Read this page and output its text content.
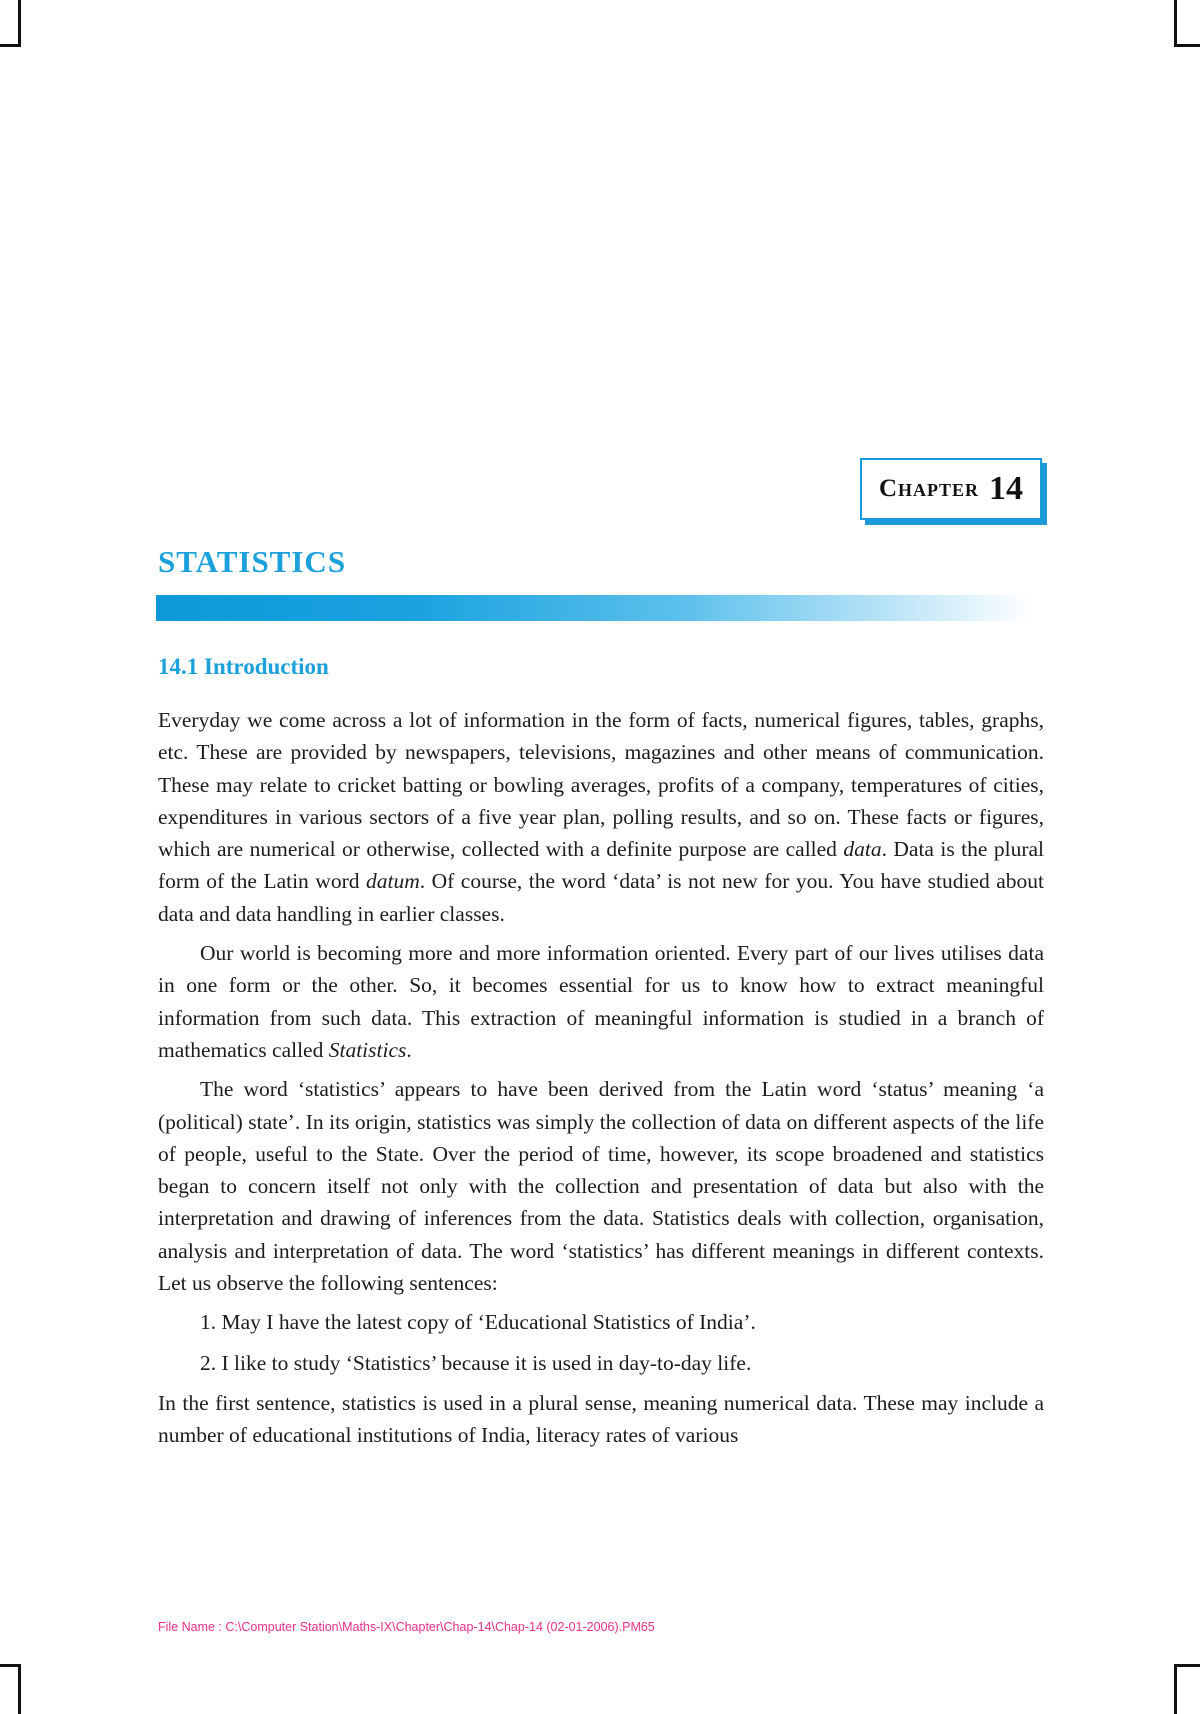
Chapter 14
STATISTICS
14.1 Introduction

Everyday we come across a lot of information in the form of facts, numerical figures, tables, graphs, etc. These are provided by newspapers, televisions, magazines and other means of communication. These may relate to cricket batting or bowling averages, profits of a company, temperatures of cities, expenditures in various sectors of a five year plan, polling results, and so on. These facts or figures, which are numerical or otherwise, collected with a definite purpose are called data. Data is the plural form of the Latin word datum. Of course, the word ‘data’ is not new for you. You have studied about data and data handling in earlier classes.

Our world is becoming more and more information oriented. Every part of our lives utilises data in one form or the other. So, it becomes essential for us to know how to extract meaningful information from such data. This extraction of meaningful information is studied in a branch of mathematics called Statistics.

The word ‘statistics’ appears to have been derived from the Latin word ‘status’ meaning ‘a (political) state’. In its origin, statistics was simply the collection of data on different aspects of the life of people, useful to the State. Over the period of time, however, its scope broadened and statistics began to concern itself not only with the collection and presentation of data but also with the interpretation and drawing of inferences from the data. Statistics deals with collection, organisation, analysis and interpretation of data. The word ‘statistics’ has different meanings in different contexts. Let us observe the following sentences:

1. May I have the latest copy of ‘Educational Statistics of India’.

2. I like to study ‘Statistics’ because it is used in day-to-day life.

In the first sentence, statistics is used in a plural sense, meaning numerical data. These may include a number of educational institutions of India, literacy rates of various

File Name : C:\Computer Station\Maths-IX\Chapter\Chap-14\Chap-14 (02-01-2006).PM65
